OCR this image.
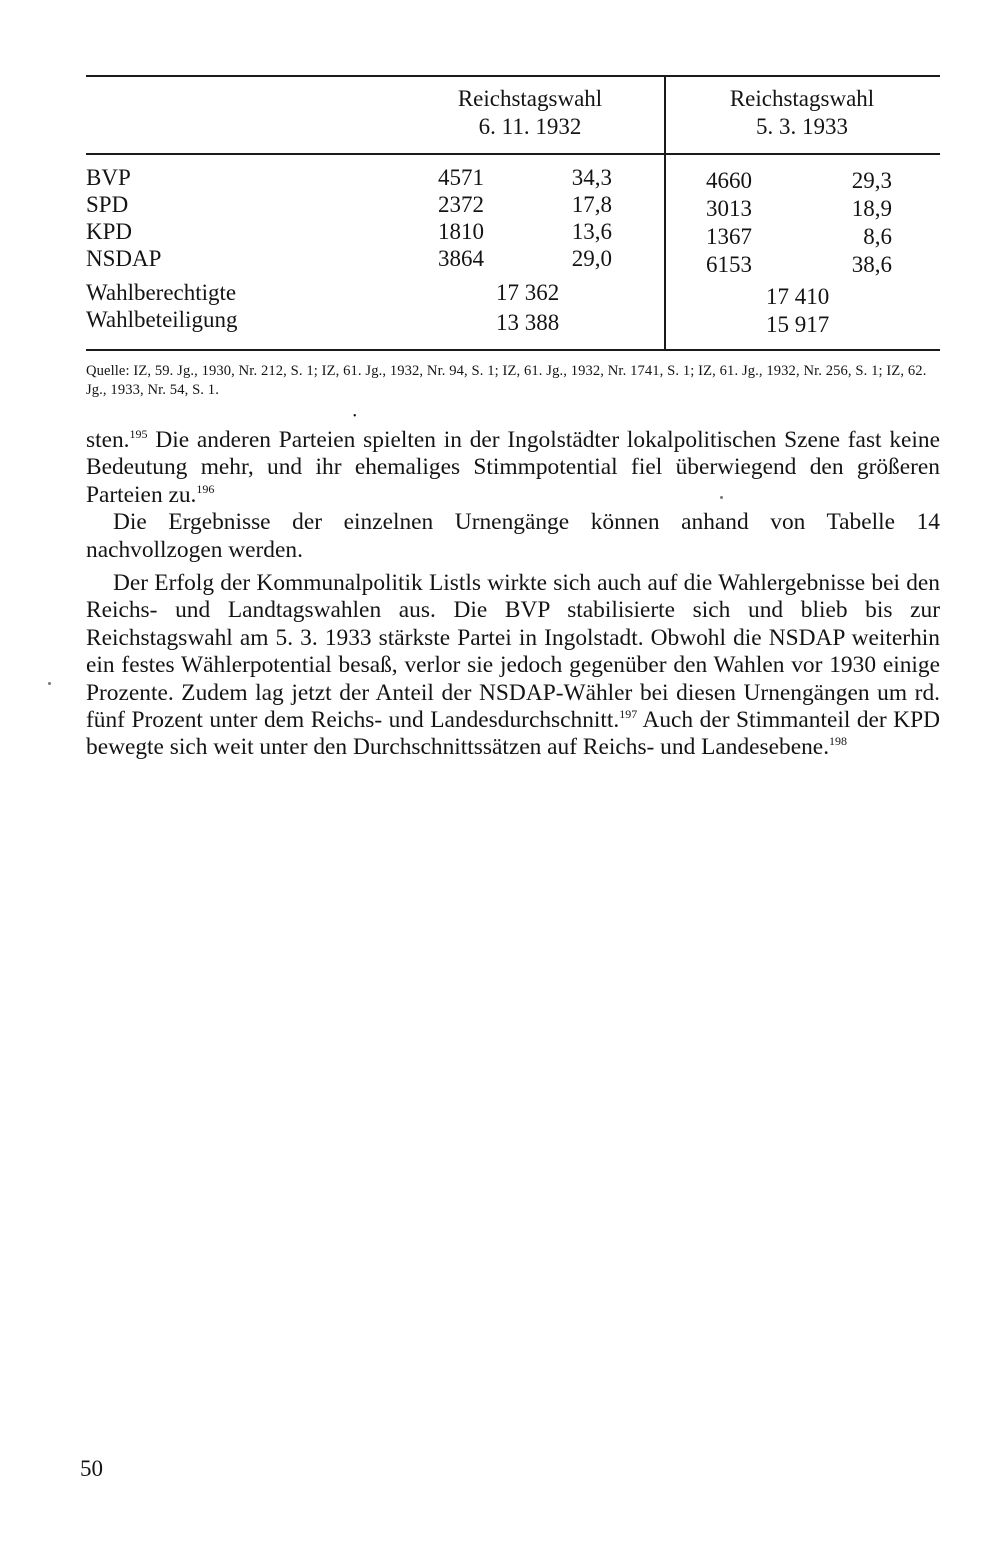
Reichstagswahl
6. 11. 1932
Reichstagswahl
5. 3. 1933
BVP	4571	34,3	4660	29,3
SPD	2372	17,8	3013	18,9
KPD	1810	13,6	1367	8,6
NSDAP	3864	29,0	6153	38,6
Wahlberechtigte	17 362	17 410
Wahlbeteiligung	13 388	15 917
Quelle: IZ, 59. Jg., 1930, Nr. 212, S. 1; IZ, 61. Jg., 1932, Nr. 94, S. 1; IZ, 61. Jg., 1932, Nr. 1741, S. 1; IZ, 61. Jg., 1932, Nr. 256, S. 1; IZ, 62. Jg., 1933, Nr. 54, S. 1.
•

sten.$^{195}$ Die anderen Parteien spielten in der Ingolstädter lokalpolitischen Szene fast keine Bedeutung mehr, und ihr ehemaliges Stimmpotential fiel überwiegend den größeren Parteien zu.$^{196}$

Die Ergebnisse der einzelnen Urnengänge können anhand von Tabelle 14 nachvollzogen werden.

Der Erfolg der Kommunalpolitik Listls wirkte sich auch auf die Wahlergebnisse bei den Reichs- und Landtagswahlen aus. Die BVP stabilisierte sich und blieb bis zur Reichstagswahl am 5. 3. 1933 stärkste Partei in Ingolstadt. Obwohl die NSDAP weiterhin ein festes Wählerpotential besaß, verlor sie jedoch gegenüber den Wahlen vor 1930 einige Prozente. Zudem lag jetzt der Anteil der NSDAP-Wähler bei diesen Urnengängen um rd. fünf Prozent unter dem Reichs- und Landesdurchschnitt.$^{197}$ Auch der Stimmanteil der KPD bewegte sich weit unter den Durchschnittssätzen auf Reichs- und Landesebene.$^{198}$

50
